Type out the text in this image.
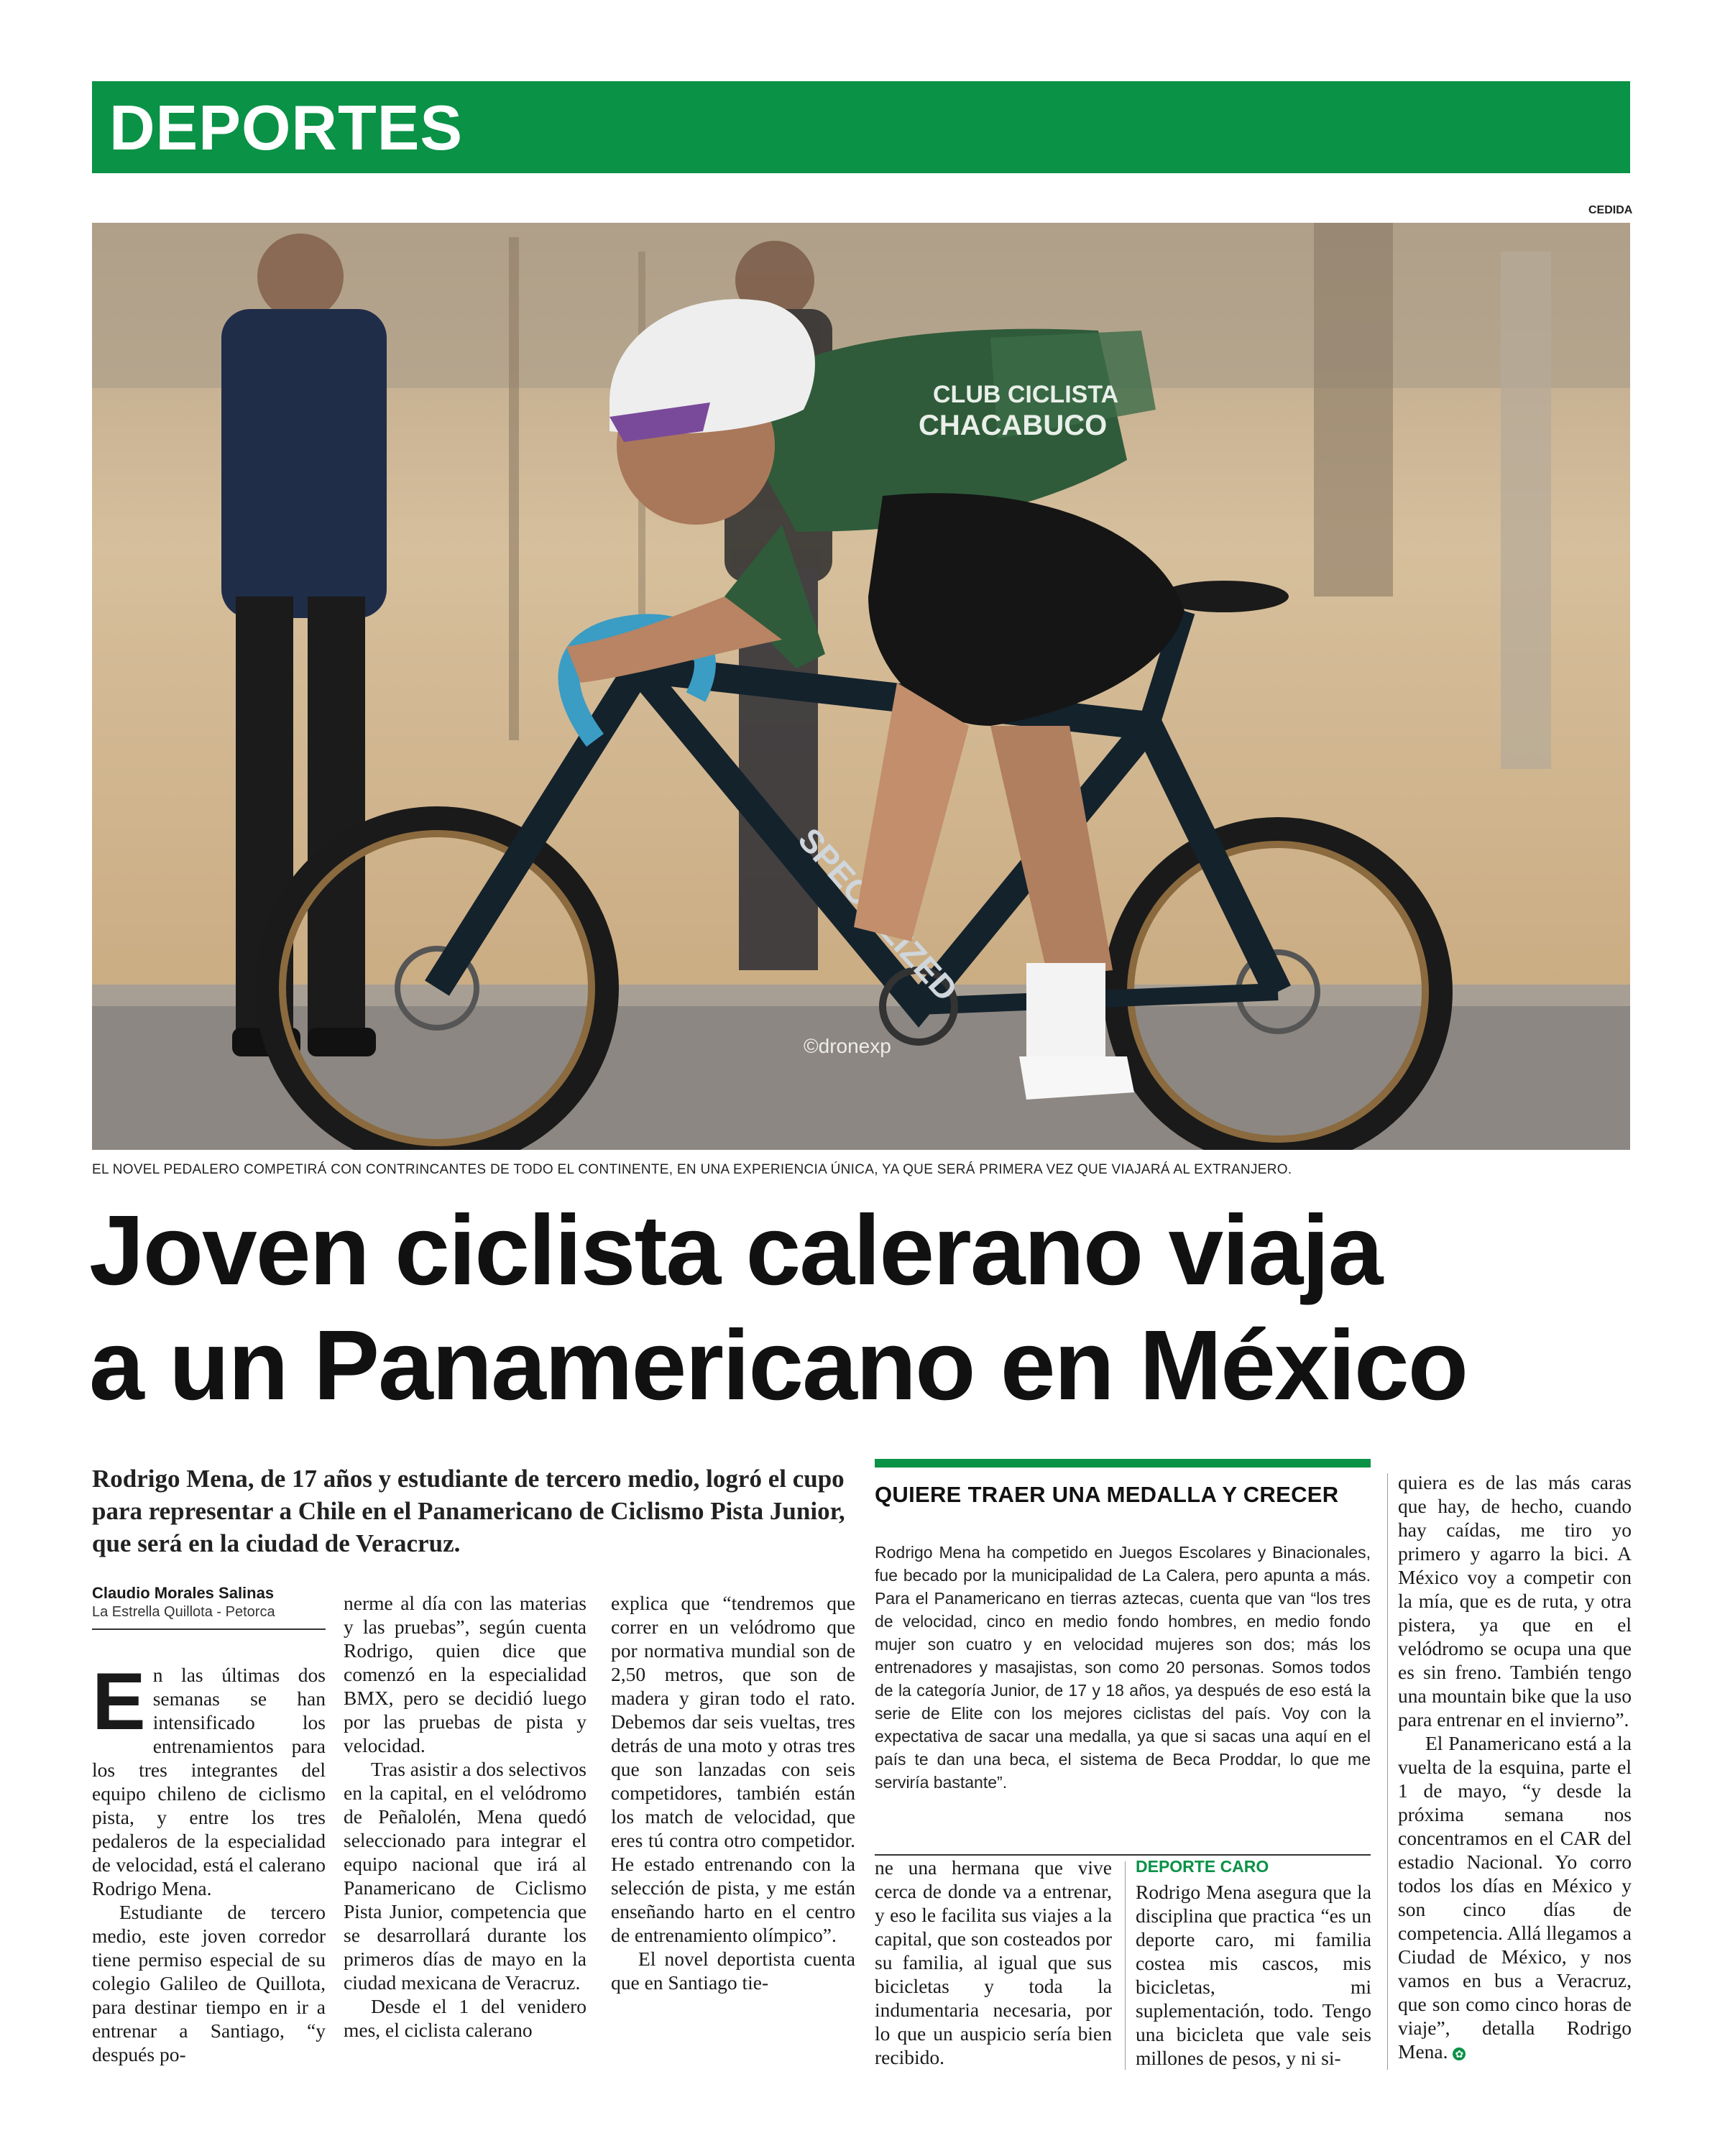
DEPORTES
CEDIDA
CLUB CICLISTA
CHACABUCO
©dronexp
EL NOVEL PEDALERO COMPETIRÁ CON CONTRINCANTES DE TODO EL CONTINENTE, EN UNA EXPERIENCIA ÚNICA, YA QUE SERÁ PRIMERA VEZ QUE VIAJARÁ AL EXTRANJERO.
Joven ciclista calerano viaja
a un Panamericano en México
Rodrigo Mena, de 17 años y estudiante de tercero medio, logró el cupo para representar a Chile en el Panamericano de Ciclismo Pista Junior, que será en la ciudad de Veracruz.
Claudio Morales Salinas
La Estrella Quillota - Petorca

En las últimas dos semanas se han intensificado los entrenamientos para los tres integrantes del equipo chileno de ciclismo pista, y entre los tres pedaleros de la especialidad de velocidad, está el calerano Rodrigo Mena.

Estudiante de tercero medio, este joven corredor tiene permiso especial de su colegio Galileo de Quillota, para destinar tiempo en ir a entrenar a Santiago, “y después po-

nerme al día con las materias y las pruebas”, según cuenta Rodrigo, quien dice que comenzó en la especialidad BMX, pero se decidió luego por las pruebas de pista y velocidad.

Tras asistir a dos selectivos en la capital, en el velódromo de Peñalolén, Mena quedó seleccionado para integrar el equipo nacional que irá al Panamericano de Ciclismo Pista Junior, competencia que se desarrollará durante los primeros días de mayo en la ciudad mexicana de Veracruz.

Desde el 1 del venidero mes, el ciclista calerano

explica que “tendremos que correr en un velódromo que por normativa mundial son de 2,50 metros, que son de madera y giran todo el rato. Debemos dar seis vueltas, tres detrás de una moto y otras tres que son lanzadas con seis competidores, también están los match de velocidad, que eres tú contra otro competidor. He estado entrenando con la selección de pista, y me están enseñando harto en el centro de entrenamiento olímpico”.

El novel deportista cuenta que en Santiago tie-

QUIERE TRAER UNA MEDALLA Y CRECER
Rodrigo Mena ha competido en Juegos Escolares y Binacionales, fue becado por la municipalidad de La Calera, pero apunta a más. Para el Panamericano en tierras aztecas, cuenta que van “los tres de velocidad, cinco en medio fondo hombres, en medio fondo mujer son cuatro y en velocidad mujeres son dos; más los entrenadores y masajistas, son como 20 personas. Somos todos de la categoría Junior, de 17 y 18 años, ya después de eso está la serie de Elite con los mejores ciclistas del país. Voy con la expectativa de sacar una medalla, ya que si sacas una aquí en el país te dan una beca, el sistema de Beca Proddar, lo que me serviría bastante”.

ne una hermana que vive cerca de donde va a entrenar, y eso le facilita sus viajes a la capital, que son costeados por su familia, al igual que sus bicicletas y toda la indumentaria necesaria, por lo que un auspicio sería bien recibido.

DEPORTE CARO

Rodrigo Mena asegura que la disciplina que practica “es un deporte caro, mi familia costea mis cascos, mis bicicletas, mi suplementación, todo. Tengo una bicicleta que vale seis millones de pesos, y ni si-

quiera es de las más caras que hay, de hecho, cuando hay caídas, me tiro yo primero y agarro la bici. A México voy a competir con la mía, que es de ruta, y otra pistera, ya que en el velódromo se ocupa una que es sin freno. También tengo una mountain bike que la uso para entrenar en el invierno”.

El Panamericano está a la vuelta de la esquina, parte el 1 de mayo, “y desde la próxima semana nos concentramos en el CAR del estadio Nacional. Yo corro todos los días en México y son cinco días de competencia. Allá llegamos a Ciudad de México, y nos vamos en bus a Veracruz, que son como cinco horas de viaje”, detalla Rodrigo Mena. ✿
